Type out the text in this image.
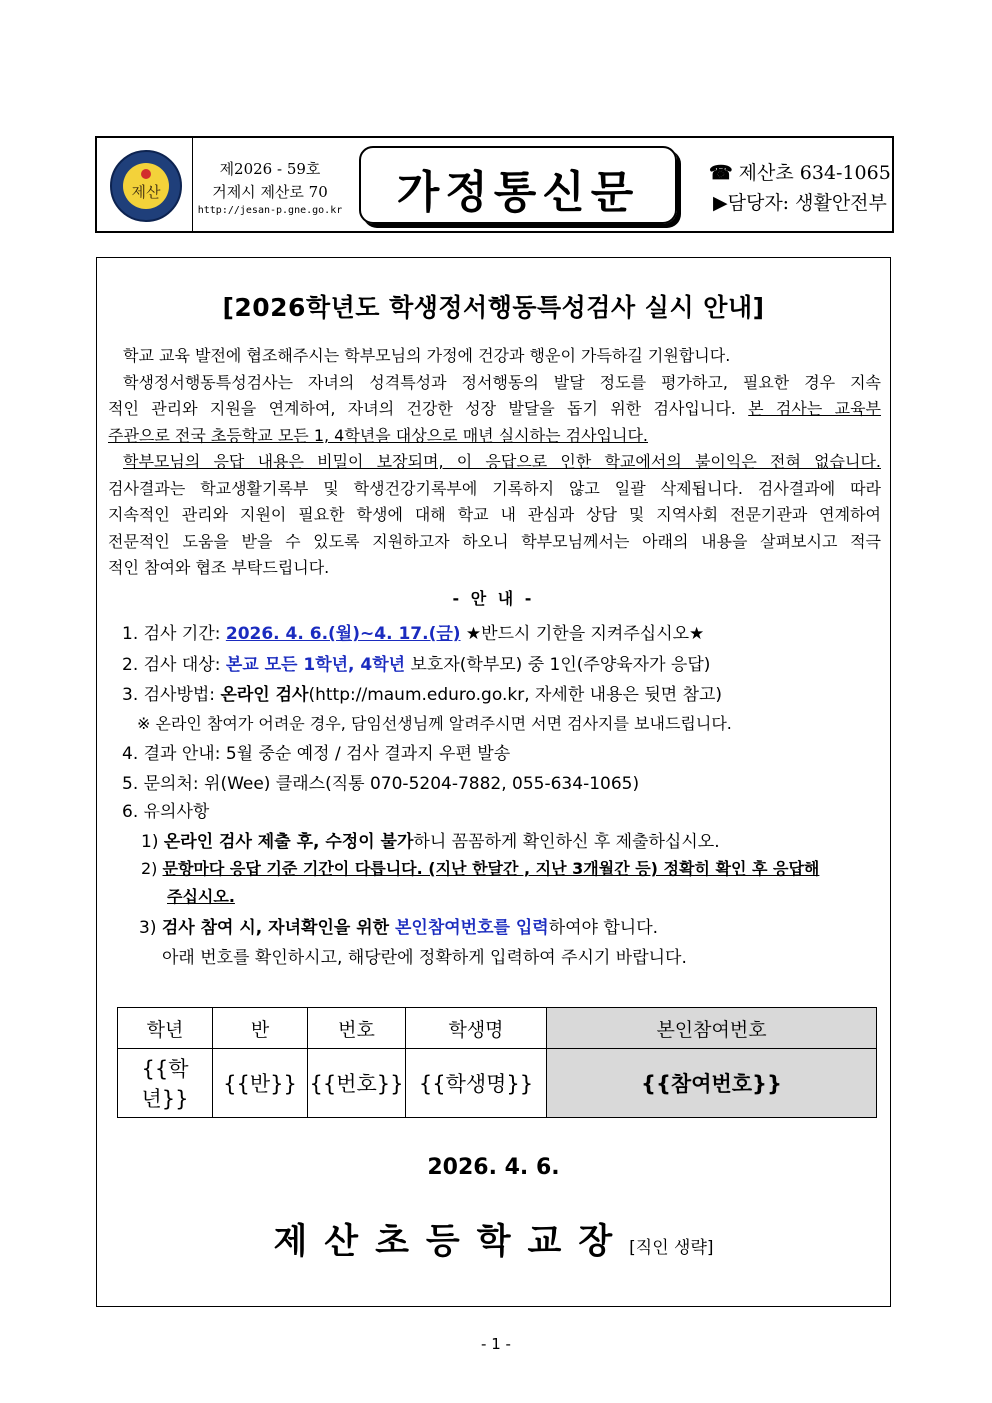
제산
제2026 - 59호
거제시 제산로 70
http://jesan-p.gne.go.kr	가정통신문	☎ 제산초 634-1065
▶담당자: 생활안전부
[2026학년도 학생정서행동특성검사 실시 안내]
학교 교육 발전에 협조해주시는 학부모님의 가정에 건강과 행운이 가득하길 기원합니다.
학생정서행동특성검사는 자녀의 성격특성과 정서행동의 발달 정도를 평가하고, 필요한 경우 지속
적인 관리와 지원을 연계하여, 자녀의 건강한 성장 발달을 돕기 위한 검사입니다. 본 검사는 교육부
주관으로 전국 초등학교 모든 1, 4학년을 대상으로 매년 실시하는 검사입니다.
학부모님의 응답 내용은 비밀이 보장되며, 이 응답으로 인한 학교에서의 불이익은 전혀 없습니다.
검사결과는 학교생활기록부 및 학생건강기록부에 기록하지 않고 일괄 삭제됩니다. 검사결과에 따라
지속적인 관리와 지원이 필요한 학생에 대해 학교 내 관심과 상담 및 지역사회 전문기관과 연계하여
전문적인 도움을 받을 수 있도록 지원하고자 하오니 학부모님께서는 아래의 내용을 살펴보시고 적극
적인 참여와 협조 부탁드립니다.
- 안 내 -
1. 검사 기간: 2026. 4. 6.(월)~4. 17.(금) ★반드시 기한을 지켜주십시오★
2. 검사 대상: 본교 모든 1학년, 4학년 보호자(학부모) 중 1인(주양육자가 응답)
3. 검사방법: 온라인 검사(http://maum.eduro.go.kr, 자세한 내용은 뒷면 참고)
※ 온라인 참여가 어려운 경우, 담임선생님께 알려주시면 서면 검사지를 보내드립니다.
4. 결과 안내: 5월 중순 예정 / 검사 결과지 우편 발송
5. 문의처: 위(Wee) 클래스(직통 070-5204-7882, 055-634-1065)
6. 유의사항
1) 온라인 검사 제출 후, 수정이 불가하니 꼼꼼하게 확인하신 후 제출하십시오.
2) 문항마다 응답 기준 기간이 다릅니다. (지난 한달간 , 지난 3개월간 등) 정확히 확인 후 응답해
주십시오.
3) 검사 참여 시, 자녀확인을 위한 본인참여번호를 입력하여야 합니다.
아래 번호를 확인하시고, 해당란에 정확하게 입력하여 주시기 바랍니다.
학년	반	번호	학생명	본인참여번호
{{학년}}	{{반}}	{{번호}}	{{학생명}}	{{참여번호}}
2026. 4. 6.
제산초등학교장[직인 생략]
- 1 -
